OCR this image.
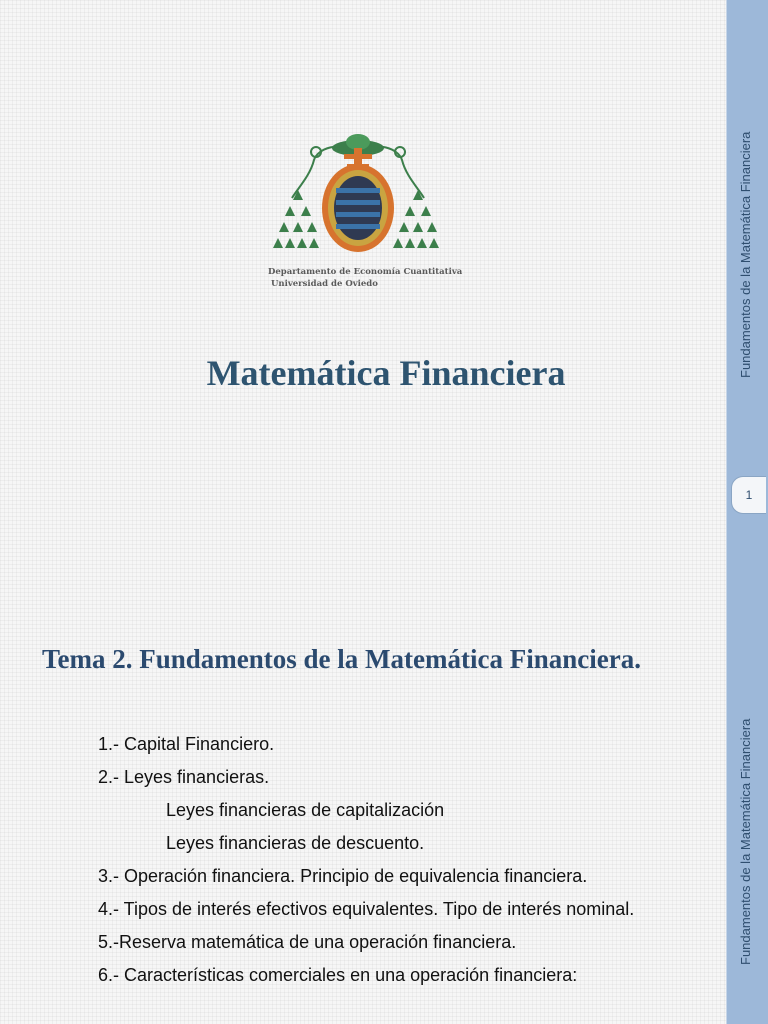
Departamento de Economía Cuantitativa
Universidad de Oviedo
Matemática Financiera
Tema 2. Fundamentos de la Matemática Financiera.
1.- Capital Financiero.
2.- Leyes financieras.
Leyes financieras de capitalización
Leyes financieras de descuento.
3.- Operación financiera. Principio de equivalencia financiera.
4.- Tipos de interés efectivos equivalentes. Tipo de interés nominal.
5.-Reserva matemática de una operación financiera.
6.- Características comerciales en una operación financiera:
Fundamentos de la Matemática Financiera
1
Fundamentos de la Matemática Financiera
